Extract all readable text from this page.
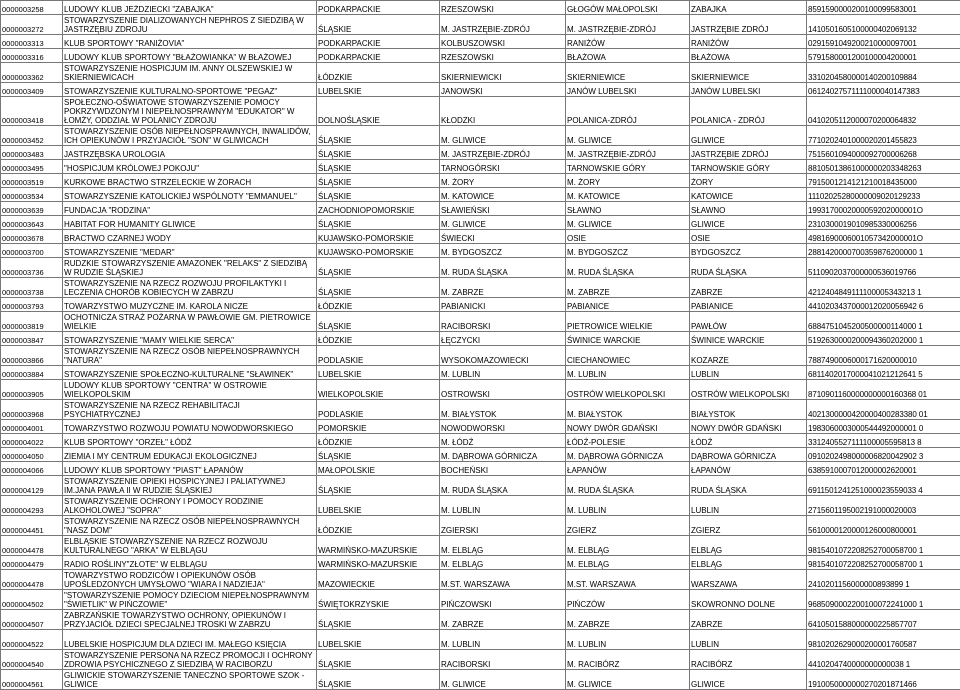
0000003258	LUDOWY KLUB JEŻDZIECKI "ZABAJKA"	PODKARPACKIE	RZESZOWSKI	GŁOGÓW MAŁOPOLSKI	ZABAJKA	8591590000200100099583001
0000003272	STOWARZYSZENIE DIALIZOWANYCH NEPHROS Z SIEDZIBĄ W JASTRZĘBIU ZDROJU	ŚLĄSKIE	M. JASTRZĘBIE-ZDRÓJ	M. JASTRZĘBIE-ZDRÓJ	JASTRZĘBIE ZDRÓJ	1410501605100000402069132
0000003313	KLUB SPORTOWY "RANIŻOVIA"	PODKARPACKIE	KOLBUSZOWSKI	RANIŻÓW	RANIŻÓW	0291591049200210000097001
0000003316	LUDOWY KLUB SPORTOWY "BŁAŻOWIANKA" W BŁAŻOWEJ	PODKARPACKIE	RZESZOWSKI	BŁAŻOWA	BŁAŻOWA	5791580001200100004200001
0000003362	STOWARZYSZENIE HOSPICJUM IM. ANNY OLSZEWSKIEJ W SKIERNIEWICACH	ŁÓDZKIE	SKIERNIEWICKI	SKIERNIEWICE	SKIERNIEWICE	3310204580000140200109884
0000003409	STOWARZYSZENIE KULTURALNO-SPORTOWE "PEGAZ"	LUBELSKIE	JANOWSKI	JANÓW LUBELSKI	JANÓW LUBELSKI	0612402757111100004014738З
0000003418	SPOŁECZNO-OŚWIATOWE STOWARZYSZENIE POMOCY POKRZYWDZONYM I NIEPEŁNOSPRAWNYM "EDUKATOR" W ŁOMŻY, ODDZIAŁ W POLANICY ZDROJU	DOLNOŚLĄSKIE	KŁODZKI	POLANICA-ZDRÓJ	POLANICA - ZDRÓJ	0410205112000070200064832
0000003452	STOWARZYSZENIE OSÓB NIEPEŁNOSPRAWNYCH, INWALIDÓW, ICH OPIEKUNÓW I PRZYJACIÓŁ "SON" W GLIWICACH	ŚLĄSKIE	M. GLIWICE	M. GLIWICE	GLIWICE	7710202401000020201455823
0000003483	JASTRZĘBSKA UROLOGIA	ŚLĄSKIE	M. JASTRZĘBIE-ZDRÓJ	M. JASTRZĘBIE-ZDRÓJ	JASTRZĘBIE ZDRÓJ	7515601094000092700006268
0000003495	"HOSPICJUM KRÓLOWEJ POKOJU"	ŚLĄSKIE	TARNOGÓRSKI	TARNOWSKIE GÓRY	TARNOWSKIE GÓRY	8810501386100000020334826З
0000003519	KURKOWE BRACTWO STRZELECKIE W ŻORACH	ŚLĄSKIE	M. ŻORY	M. ŻORY	ŻORY	7915001214121210018435000
0000003534	STOWARZYSZENIE KATOLICKIEJ WSPÓLNOTY "EMMANUEL"	ŚLĄSKIE	M. KATOWICE	M. KATOWICE	KATOWICE	1110202528000000902012923З
0000003639	FUNDACJA "RODZINA"	ZACHODNIOPOMORSKIE	SŁAWIEŃSKI	SŁAWNO	SŁAWNO	1993170002000059202000001О
0000003643	HABITAT FOR HUMANITY GLIWICE	ŚLĄSKIE	M. GLIWICE	M. GLIWICE	GLIWICE	2310300019010985330006256
0000003678	BRACTWO CZARNEJ WODY	KUJAWSKO-POMORSKIE	ŚWIECKI	OSIE	OSIE	4981690006001057342000001О
0000003700	STOWARZYSZENIE "MEDAR"	KUJAWSKO-POMORSKIE	M. BYDGOSZCZ	M. BYDGOSZCZ	BYDGOSZCZ	2881420000700359876200000 1
0000003736	RUDZKIE STOWARZYSZENIE AMAZONEK "RELAKS" Z SIEDZIBĄ W RUDZIE ŚLĄSKIEJ	ŚLĄSKIE	M. RUDA ŚLĄSKA	M. RUDA ŚLĄSKA	RUDA ŚLĄSKA	5110902037000000536019766
0000003738	STOWARZYSZENIE NA RZECZ ROZWOJU PROFILAKTYKI I LECZENIA CHORÓB KOBIECYCH W ZABRZU	ŚLĄSKIE	M. ZABRZE	M. ZABRZE	ZABRZE	4212404849111100005343213 1
0000003793	TOWARZYSTWO MUZYCZNE IM. KAROLA NICZE	ŁÓDZKIE	PABIANICKI	PABIANICE	PABIANICE	4410203437000012020056942 6
0000003819	OCHOTNICZA STRAŻ POŻARNA W PAWŁOWIE GM. PIETROWICE WIELKIE	ŚLĄSKIE	RACIBORSKI	PIETROWICE WIELKIE	PAWŁÓW	6884751045200500000114000 1
0000003847	STOWARZYSZENIE "MAMY WIELKIE SERCA"	ŁÓDZKIE	ŁĘCZYCKI	ŚWINICE WARCKIE	ŚWINICE WARCKIE	5192630000200094360202000 1
0000003866	STOWARZYSZENIE NA RZECZ OSÓB NIEPEŁNOSPRAWNYCH "NATURA"	PODLASKIE	WYSOKOMAZOWIECKI	CIECHANOWIEC	KOZARZE	7887490006000171620000010
0000003884	STOWARZYSZENIE SPOŁECZNO-KULTURALNE "SŁAWINEK"	LUBELSKIE	M. LUBLIN	M. LUBLIN	LUBLIN	6811402017000041021212641 5
0000003905	LUDOWY KLUB SPORTOWY "CENTRA" W OSTROWIE WIELKOPOLSKIM	WIELKOPOLSKIE	OSTROWSKI	OSTRÓW WIELKOPOLSKI	OSTRÓW WIELKOPOLSKI	8710901160000000000160368 01
0000003968	STOWARZYSZENIE NA RZECZ REHABILITACJI PSYCHIATRYCZNEJ	PODLASKIE	M. BIAŁYSTOK	M. BIAŁYSTOK	BIAŁYSTOK	4021300000420000400283380 01
0000004001	TOWARZYSTWO ROZWOJU POWIATU NOWODWORSKIEGO	POMORSKIE	NOWODWORSKI	NOWY DWÓR GDAŃSKI	NOWY DWÓR GDAŃSKI	1983060003000544492000001 0
0000004022	KLUB SPORTOWY "ORZEŁ" ŁÓDŹ	ŁÓDZKIE	M. ŁÓDŹ	ŁÓDŹ-POLESIE	ŁÓDŹ	3312405527111100005595813 8
0000004050	ZIEMIA I MY CENTRUM EDUKACJI EKOLOGICZNEJ	ŚLĄSKIE	M. DĄBROWA GÓRNICZA	M. DĄBROWA GÓRNICZA	DĄBROWA GÓRNICZA	0910202498000006820042902 3
0000004066	LUDOWY KLUB SPORTOWY "PIAST" ŁAPANÓW	MAŁOPOLSKIE	BOCHEŃSKI	ŁAPANÓW	ŁAPANÓW	6385910007012000002620001
0000004129	STOWARZYSZENIE OPIEKI HOSPICYJNEJ I PALIATYWNEJ IM.JANA PAWŁA II W RUDZIE ŚLĄSKIEJ	ŚLĄSKIE	M. RUDA ŚLĄSKA	M. RUDA ŚLĄSKA	RUDA ŚLĄSKA	6911501241251000023559033 4
0000004293	STOWARZYSZENIE OCHRONY I POMOCY RODZINIE ALKOHOLOWEJ "SOPRA"	LUBELSKIE	M. LUBLIN	M. LUBLIN	LUBLIN	2715601195002191000020003
0000004451	STOWARZYSZENIE NA RZECZ OSÓB NIEPEŁNOSPRAWNYCH "NASZ DOM"	ŁÓDZKIE	ZGIERSKI	ZGIERZ	ZGIERZ	5610000120000126000800001
0000004478	ELBLĄSKIE STOWARZYSZENIE NA RZECZ ROZWOJU KULTURALNEGO "ARKA" W ELBLĄGU	WARMIŃSKO-MAZURSKIE	M. ELBLĄG	M. ELBLĄG	ELBLĄG	9815401072208252700058700 1
0000004479	RADIO ROŚLINY"ZŁOTE" W ELBLĄGU	WARMIŃSKO-MAZURSKIE	M. ELBLĄG	M. ELBLĄG	ELBLĄG	9815401072208252700058700 1
0000004478	TOWARZYSTWO RODZICÓW I OPIEKUNÓW OSÓB UPOŚLEDZONYCH UMYSŁOWO "WIARA I NADZIEJA"	MAZOWIECKIE	M.ST. WARSZAWA	M.ST. WARSZAWA	WARSZAWA	2410201156000000893899 1
0000004502	"STOWARZYSZENIE POMOCY DZIECIOM NIEPEŁNOSPRAWNYM "ŚWIETLIK" W PIŃCZOWIE"	ŚWIĘTOKRZYSKIE	PIŃCZOWSKI	PIŃCZÓW	SKOWRONNO DOLNE	9685090002200100072241000 1
0000004507	ZABRZAŃSKIE TOWARZYSTWO OCHRONY, OPIEKUNÓW I PRZYJACIÓŁ DZIECI SPECJALNEJ TROSKI W ZABRZU	ŚLĄSKIE	M. ZABRZE	M. ZABRZE	ZABRZE	6410501588000000225857707
0000004522	LUBELSKIE HOSPICJUM DLA DZIECI IM. MAŁEGO KSIĘCIA	LUBELSKIE	M. LUBLIN	M. LUBLIN	LUBLIN	9810202629000200001760587
0000004540	STOWARZYSZENIE PERSONA NA RZECZ PROMOCJI I OCHRONY ZDROWIA PSYCHICZNEGO Z SIEDZIBĄ W RACIBORZU	ŚLĄSKIE	RACIBORSKI	M. RACIBÓRZ	RACIBÓRZ	4410204740000000000038 1
0000004561	GLIWICKIE STOWARZYSZENIE TANECZNO SPORTOWE SZOK - GLIWICE	ŚLĄSKIE	M. GLIWICE	M. GLIWICE	GLIWICE	1910050000000270201871466
